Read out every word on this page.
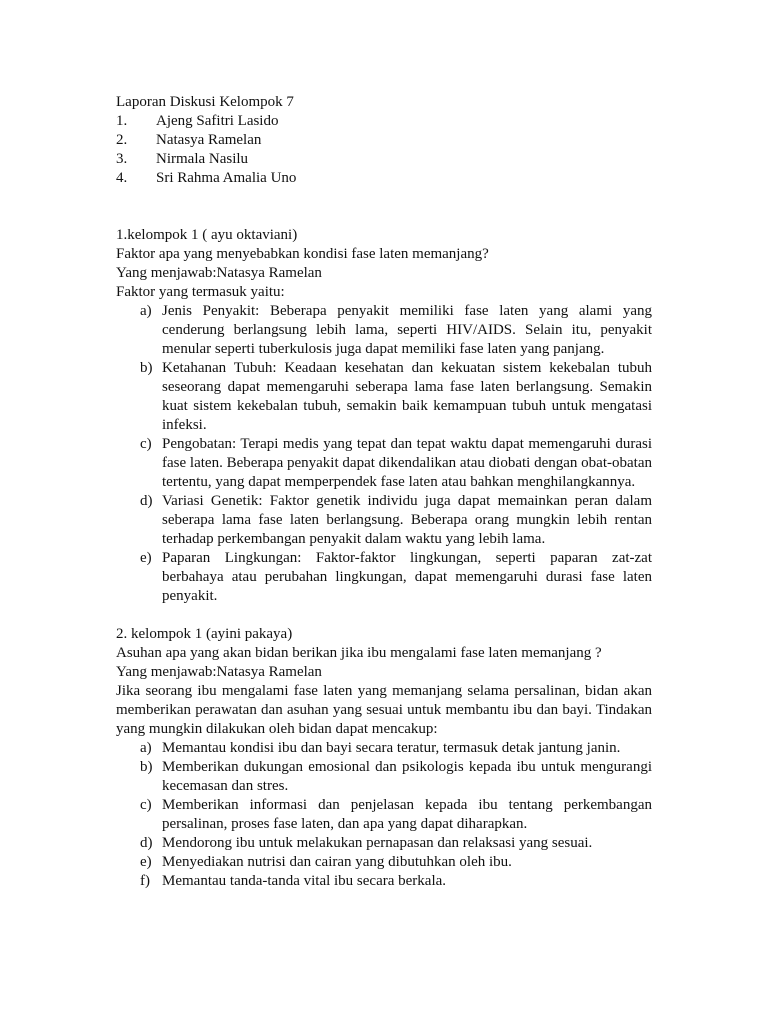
Laporan Diskusi Kelompok 7
1.	Ajeng Safitri Lasido
2.	Natasya Ramelan
3.	Nirmala Nasilu
4.	Sri Rahma Amalia Uno
1.kelompok 1 ( ayu oktaviani)
Faktor apa yang menyebabkan kondisi fase laten memanjang?
Yang menjawab:Natasya Ramelan
Faktor yang termasuk yaitu:
a) Jenis Penyakit: Beberapa penyakit memiliki fase laten yang alami yang cenderung berlangsung lebih lama, seperti HIV/AIDS. Selain itu, penyakit menular seperti tuberkulosis juga dapat memiliki fase laten yang panjang.
b) Ketahanan Tubuh: Keadaan kesehatan dan kekuatan sistem kekebalan tubuh seseorang dapat memengaruhi seberapa lama fase laten berlangsung. Semakin kuat sistem kekebalan tubuh, semakin baik kemampuan tubuh untuk mengatasi infeksi.
c) Pengobatan: Terapi medis yang tepat dan tepat waktu dapat memengaruhi durasi fase laten. Beberapa penyakit dapat dikendalikan atau diobati dengan obat-obatan tertentu, yang dapat memperpendek fase laten atau bahkan menghilangkannya.
d) Variasi Genetik: Faktor genetik individu juga dapat memainkan peran dalam seberapa lama fase laten berlangsung. Beberapa orang mungkin lebih rentan terhadap perkembangan penyakit dalam waktu yang lebih lama.
e) Paparan Lingkungan: Faktor-faktor lingkungan, seperti paparan zat-zat berbahaya atau perubahan lingkungan, dapat memengaruhi durasi fase laten penyakit.
2. kelompok 1 (ayini pakaya)
Asuhan apa yang akan bidan berikan jika ibu mengalami fase laten memanjang ?
Yang menjawab:Natasya Ramelan
Jika seorang ibu mengalami fase laten yang memanjang selama persalinan, bidan akan memberikan perawatan dan asuhan yang sesuai untuk membantu ibu dan bayi. Tindakan yang mungkin dilakukan oleh bidan dapat mencakup:
a) Memantau kondisi ibu dan bayi secara teratur, termasuk detak jantung janin.
b) Memberikan dukungan emosional dan psikologis kepada ibu untuk mengurangi kecemasan dan stres.
c) Memberikan informasi dan penjelasan kepada ibu tentang perkembangan persalinan, proses fase laten, dan apa yang dapat diharapkan.
d) Mendorong ibu untuk melakukan pernapasan dan relaksasi yang sesuai.
e) Menyediakan nutrisi dan cairan yang dibutuhkan oleh ibu.
f) Memantau tanda-tanda vital ibu secara berkala.
